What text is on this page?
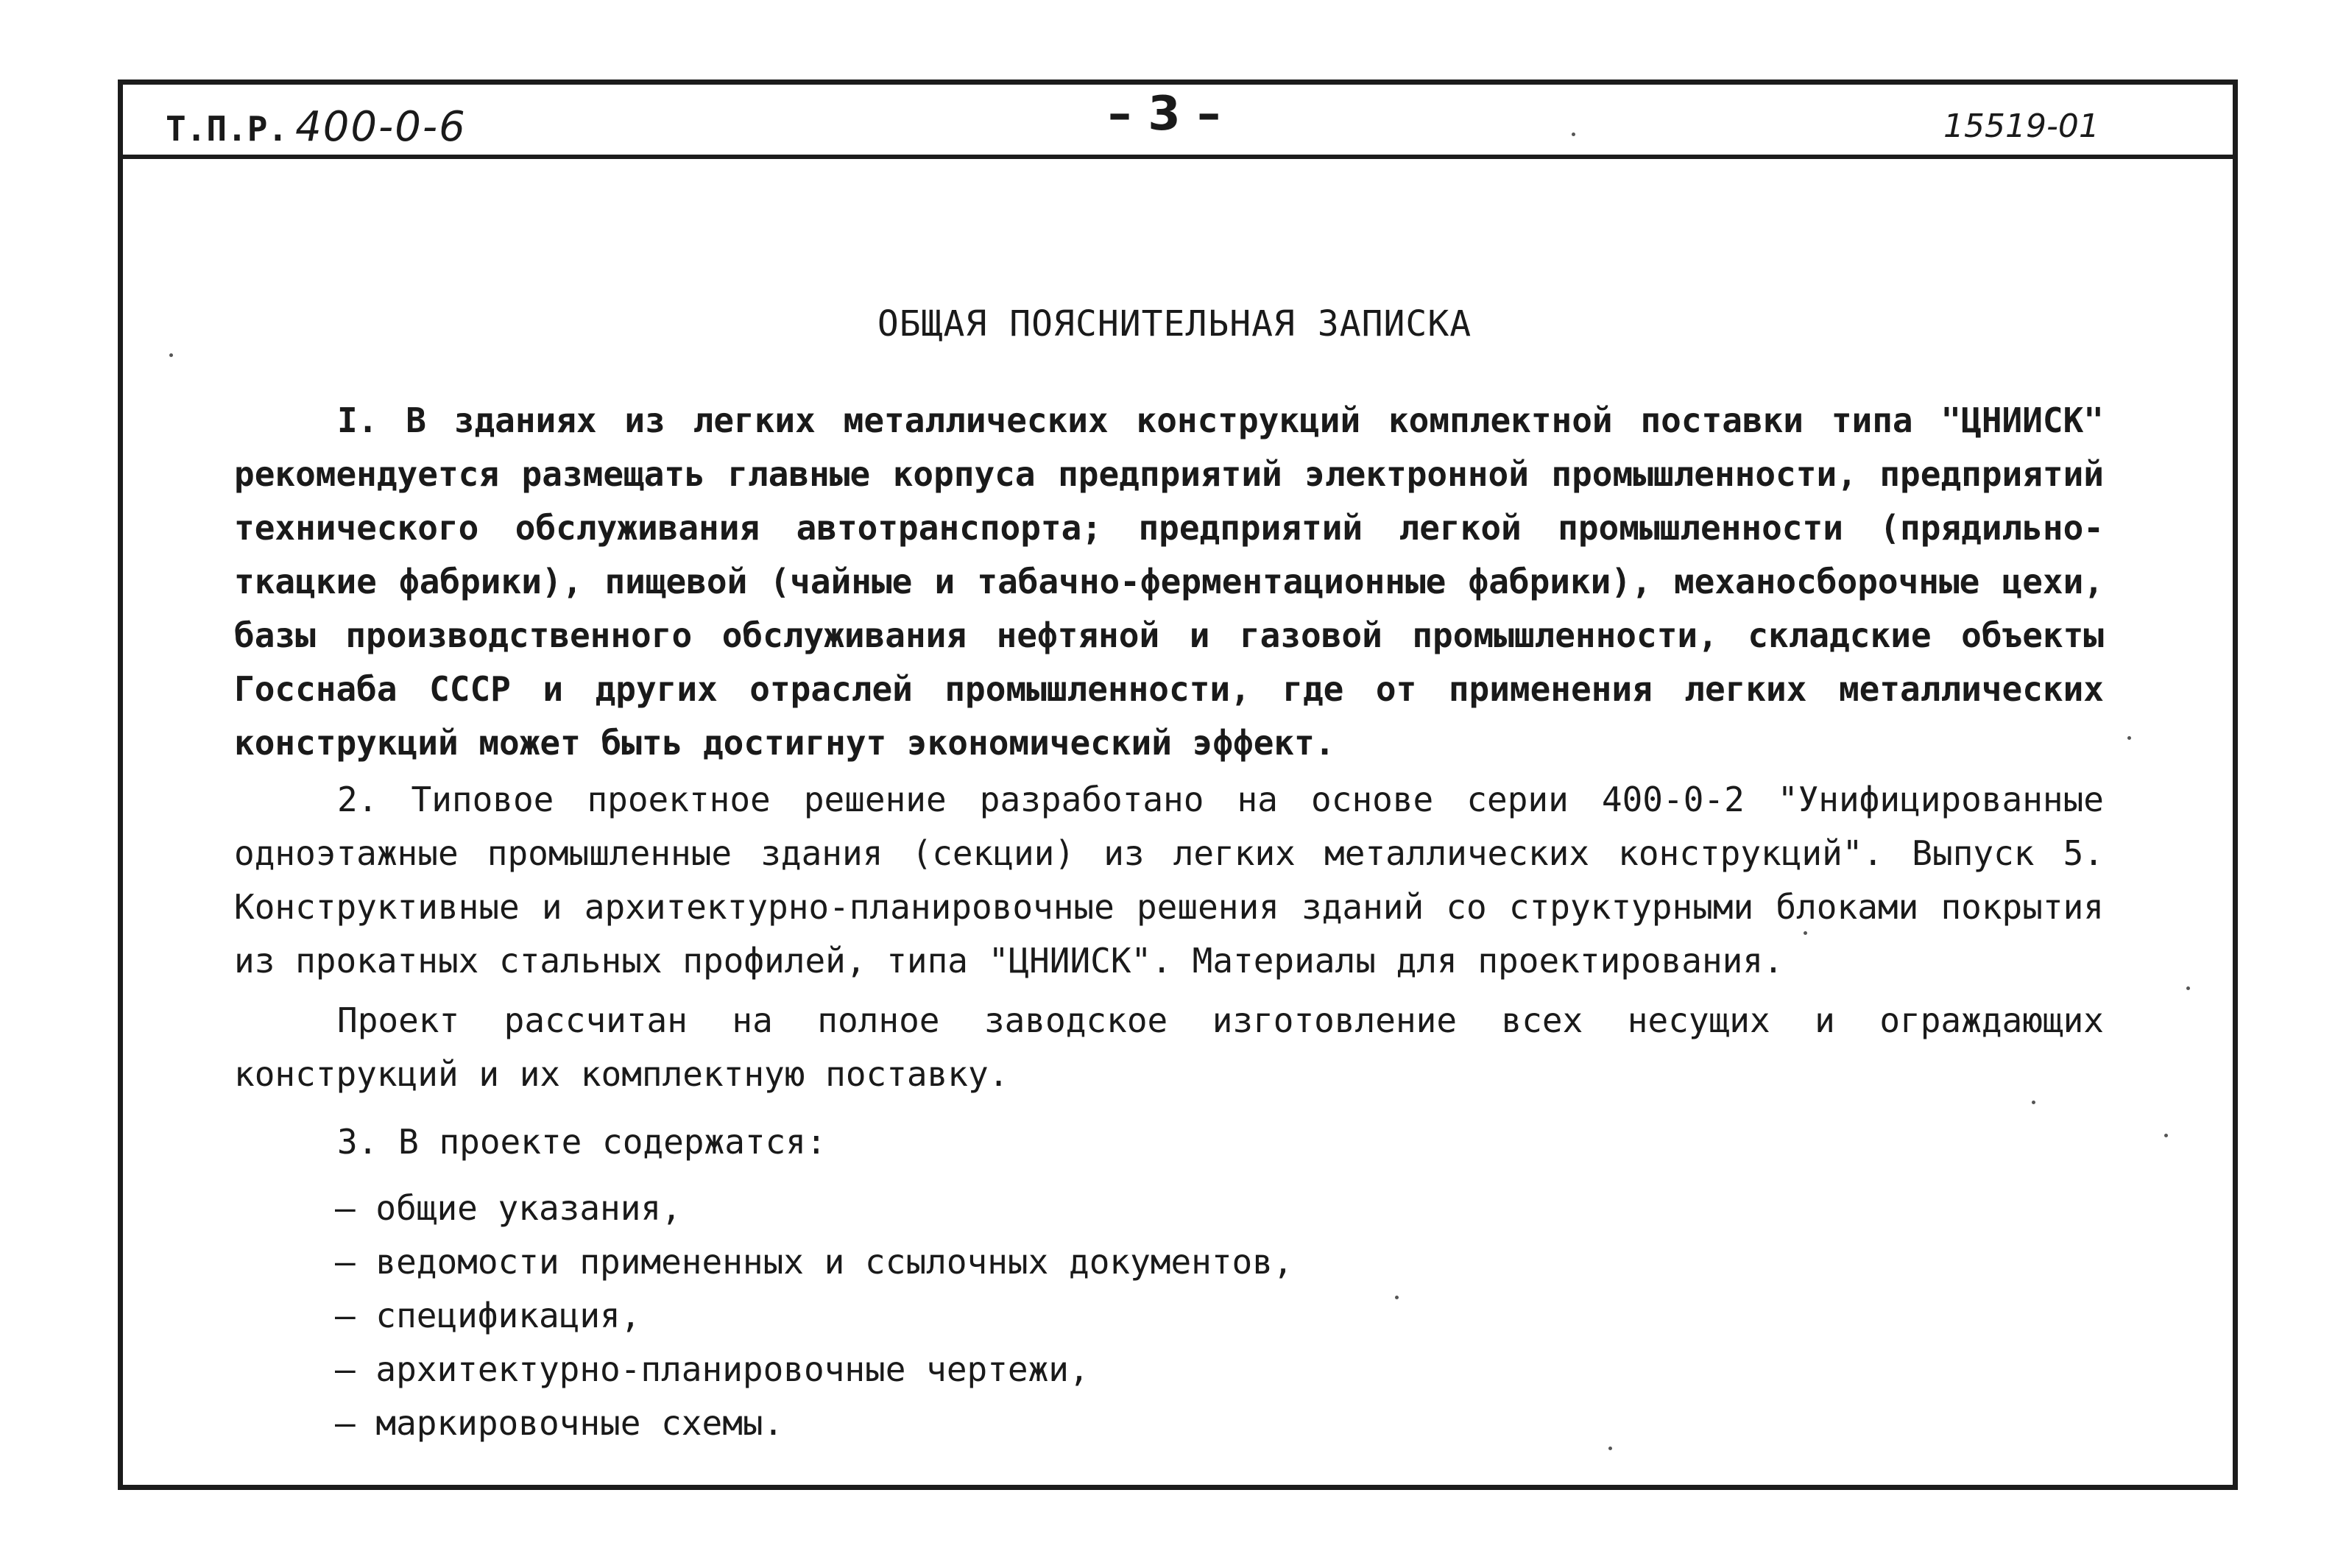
Т.П.Р. 400-0-6	– 3 –	15519-01
ОБЩАЯ ПОЯСНИТЕЛЬНАЯ ЗАПИСКА

I. В зданиях из легких металлических конструкций комплектной поставки типа "ЦНИИСК" рекомендуется размещать главные корпуса предприятий электронной промышленности, предприятий технического обслуживания автотранспорта; предприятий легкой промышленности (прядильно-ткацкие фабрики), пищевой (чайные и табачно-ферментационные фабрики), механосборочные цехи, базы производственного обслуживания нефтяной и газовой промышленности, складские объекты Госснаба СССР и других отраслей промышленности, где от применения легких металлических конструкций может быть достигнут экономический эффект.

2. Типовое проектное решение разработано на основе серии 400-0-2 "Унифицированные одноэтажные промышленные здания (секции) из легких металлических конструкций". Выпуск 5. Конструктивные и архитектурно-планировочные решения зданий со структурными блоками покрытия из прокатных стальных профилей, типа "ЦНИИСК". Материалы для проектирования.

Проект рассчитан на полное заводское изготовление всех несущих и ограждающих конструкций и их комплектную поставку.

3. В проекте содержатся:

– общие указания,
– ведомости примененных и ссылочных документов,
– спецификация,
– архитектурно-планировочные чертежи,
– маркировочные схемы.
